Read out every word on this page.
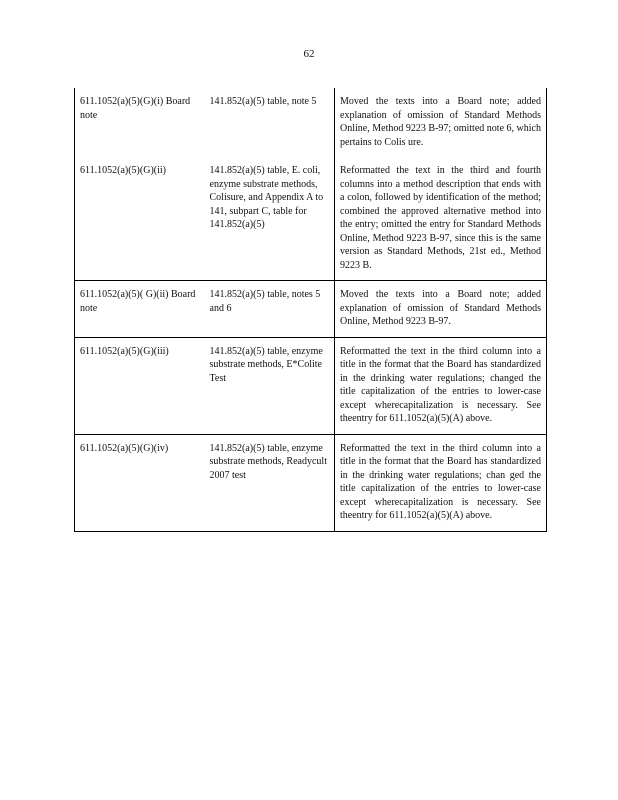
62
611.1052(a)(5)(G)(i) Board note	141.852(a)(5) table, note 5	Moved the texts into a Board note; added explanation of omission of Standard Methods Online, Method 9223 B-97; omitted note 6, which pertains to Colis ure.
611.1052(a)(5)(G)(ii)	141.852(a)(5) table, E. coli, enzyme substrate methods, Colisure, and Appendix A to 141, subpart C, table for 141.852(a)(5)	Reformatted the text in the third and fourth columns into a method description that ends with a colon, followed by identification of the method; combined the approved alternative method into the entry; omitted the entry for Standard Methods Online, Method 9223 B-97, since this is the same version as Standard Methods, 21st ed., Method 9223 B.
611.1052(a)(5)( G)(ii) Board note	141.852(a)(5) table, notes 5 and 6	Moved the texts into a Board note; added explanation of omission of Standard Methods Online, Method 9223 B-97.
611.1052(a)(5)(G)(iii)	141.852(a)(5) table, enzyme substrate methods, E*Colite Test	Reformatted the text in the third column into a title in the format that the Board has standardized in the drinking water regulations; changed the title capitalization of the entries to lower-case except wherecapitalization is necessary. See theentry for 611.1052(a)(5)(A) above.
611.1052(a)(5)(G)(iv)	141.852(a)(5) table, enzyme substrate methods, Readycult 2007 test	Reformatted the text in the third column into a title in the format that the Board has standardized in the drinking water regulations; chan ged the title capitalization of the entries to lower-case except wherecapitalization is necessary. See theentry for 611.1052(a)(5)(A) above.
